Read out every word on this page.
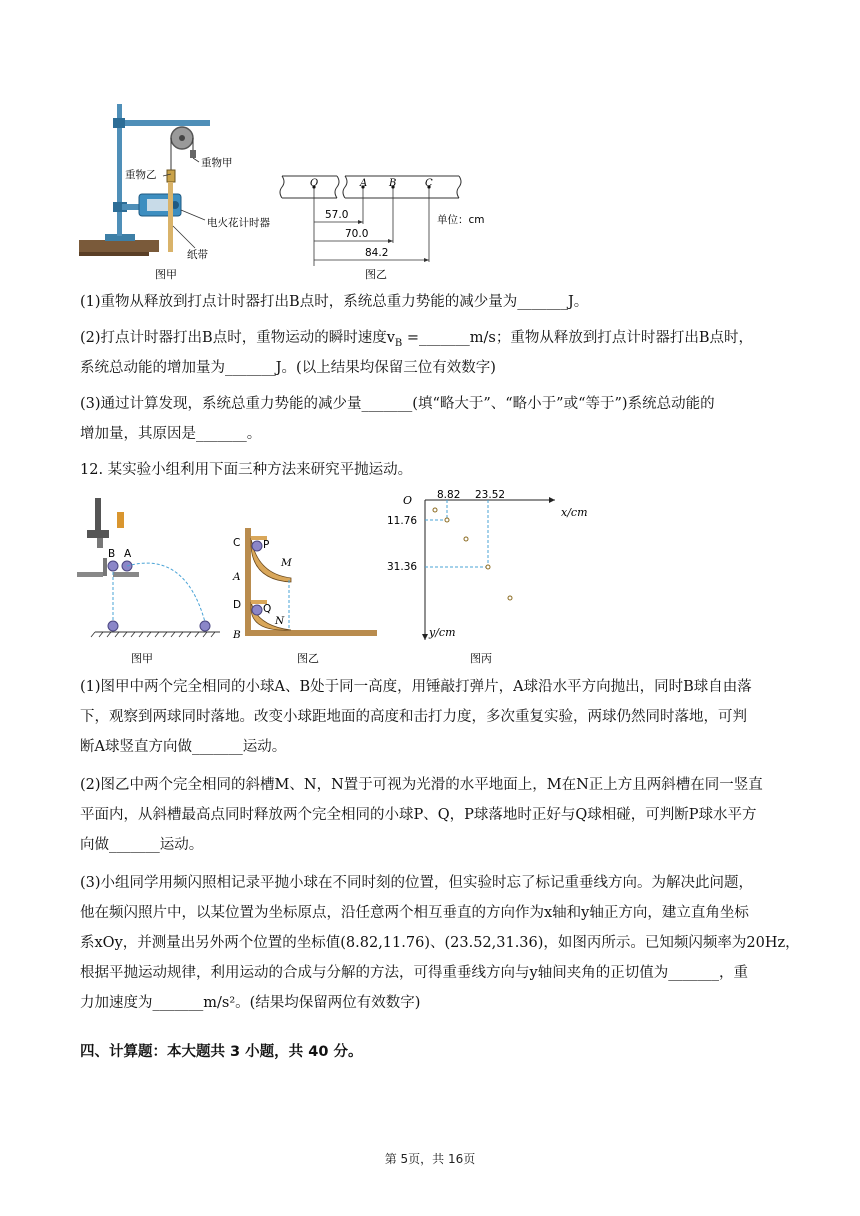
重物甲
重物乙
电火花计时器
纸带
图甲
O	A B	C
57.0
70.0
84.2
单位：cm
图乙
(1)重物从释放到打点计时器打出B点时，系统总重力势能的减少量为_______J。
(2)打点计时器打出B点时，重物运动的瞬时速度$v_B$ =_______m/s；重物从释放到打点计时器打出B点时，
系统总动能的增加量为_______J。(以上结果均保留三位有效数字)
(3)通过计算发现，系统总重力势能的减少量_______(填“略大于”、“略小于”或“等于”)系统总动能的
增加量，其原因是_______。
12. 某实验小组利用下面三种方法来研究平抛运动。
B A
图甲
C P
M
A
D Q
N
B
图乙
O
x/cm
y/cm
8.82 23.52
11.76
31.36
图丙
(1)图甲中两个完全相同的小球A、B处于同一高度，用锤敲打弹片，A球沿水平方向抛出，同时B球自由落
下，观察到两球同时落地。改变小球距地面的高度和击打力度，多次重复实验，两球仍然同时落地，可判
断A球竖直方向做_______运动。
(2)图乙中两个完全相同的斜槽M、N，N置于可视为光滑的水平地面上，M在N正上方且两斜槽在同一竖直
平面内，从斜槽最高点同时释放两个完全相同的小球P、Q，P球落地时正好与Q球相碰，可判断P球水平方
向做_______运动。
(3)小组同学用频闪照相记录平抛小球在不同时刻的位置，但实验时忘了标记重垂线方向。为解决此问题，
他在频闪照片中，以某位置为坐标原点，沿任意两个相互垂直的方向作为x轴和y轴正方向，建立直角坐标
系xOy，并测量出另外两个位置的坐标值(8.82,11.76)、(23.52,31.36)，如图丙所示。已知频闪频率为20Hz，
根据平抛运动规律，利用运动的合成与分解的方法，可得重垂线方向与y轴间夹角的正切值为_______，重
力加速度为_______m/s²。(结果均保留两位有效数字)
四、计算题：本大题共 3 小题，共 40 分。
第 5页，共 16页
